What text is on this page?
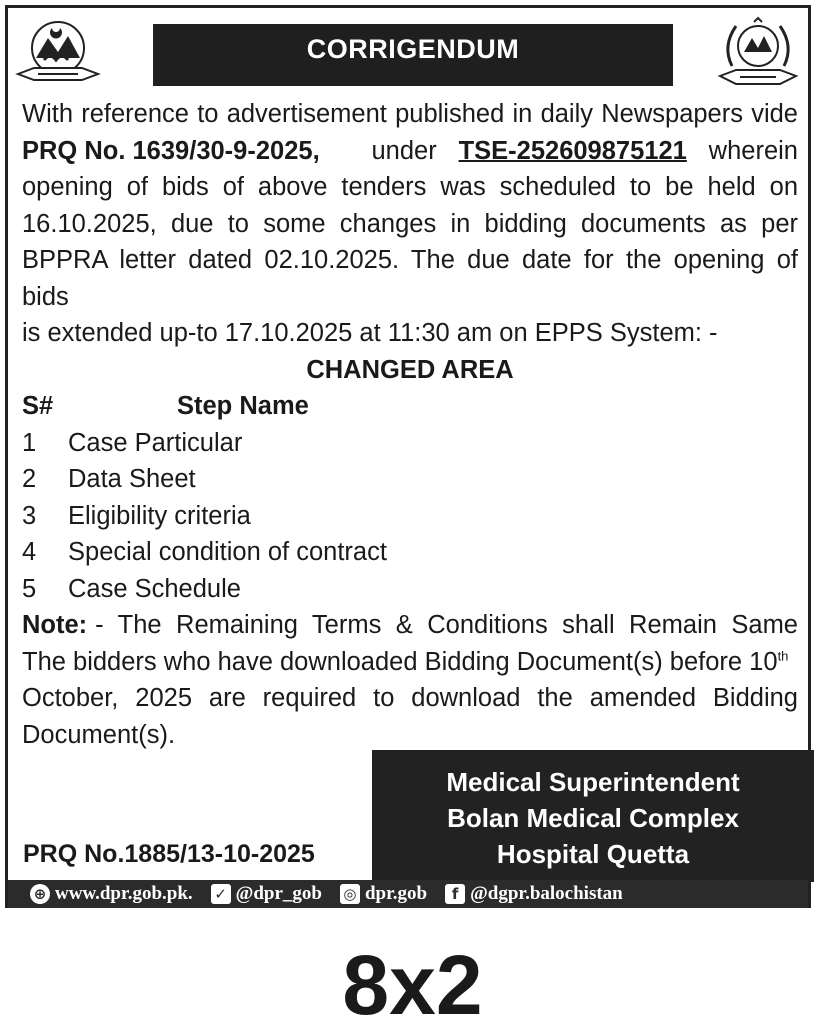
CORRIGENDUM
With reference to advertisement published in daily Newspapers vide
PRQ No. 1639/30-9-2025, under TSE-252609875121 wherein
opening of bids of above tenders was scheduled to be held on
16.10.2025, due to some changes in bidding documents as per
BPPRA letter dated 02.10.2025. The due date for the opening of bids
is extended up-to 17.10.2025 at 11:30 am on EPPS System: -
CHANGED AREA
S#	Step Name
1	Case Particular
2	Data Sheet
3	Eligibility criteria
4	Special condition of contract
5	Case Schedule
Note: - The Remaining Terms & Conditions shall Remain Same
The bidders who have downloaded Bidding Document(s) before 10th
October, 2025 are required to download the amended Bidding
Document(s).
PRQ No.1885/13-10-2025
Medical Superintendent
Bolan Medical Complex
Hospital Quetta
⊕ www.dpr.gob.pk. ✓ @dpr_gob ◎ dpr.gob	f @dgpr.balochistan
8x2
